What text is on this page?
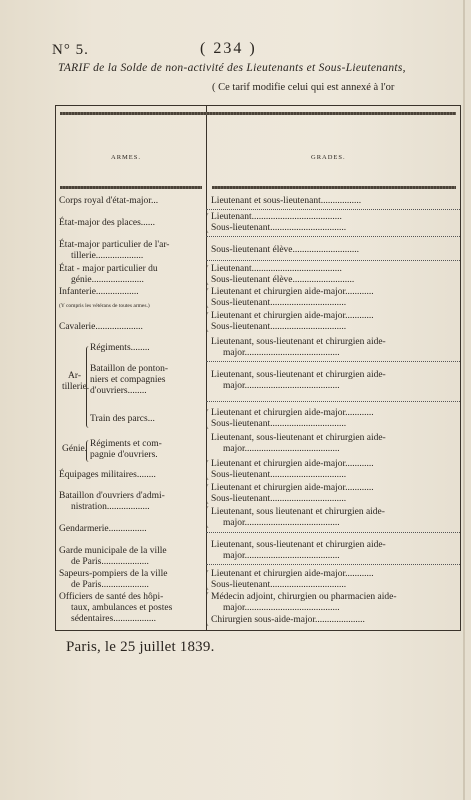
N° 5.	( 234 )
TARIF de la Solde de non-activité des Lieutenants et Sous-Lieutenants,
( Ce tarif modifie celui qui est annexé à l'or
ARMES.	GRADES.
Corps royal d'état-major...
État-major des places......
État-major particulier de l'ar-
tillerie....................
État - major particulier du
génie......................
Infanterie..................
(Y compris les vétérans de toutes armes.)
Cavalerie....................
Régiments........
Bataillon de ponton-
niers et compagnies
d'ouvriers........
Train des parcs...
Ar-
tillerie.
Régiments et com-
pagnie d'ouvriers.
Génie.
Équipages militaires........
Bataillon d'ouvriers d'admi-
nistration..................
Gendarmerie................
Garde municipale de la ville
de Paris....................
Sapeurs-pompiers de la ville
de Paris....................
Officiers de santé des hôpi-
taux, ambulances et postes
sédentaires..................
Lieutenant et sous-lieutenant.................
Lieutenant......................................
Sous-lieutenant................................
Sous-lieutenant élève............................
Lieutenant......................................
Sous-lieutenant élève..........................
Lieutenant et chirurgien aide-major............
Sous-lieutenant................................
Lieutenant et chirurgien aide-major............
Sous-lieutenant................................
Lieutenant, sous-lieutenant et chirurgien aide-
major........................................
Lieutenant, sous-lieutenant et chirurgien aide-
major........................................
Lieutenant et chirurgien aide-major............
Sous-lieutenant................................
Lieutenant, sous-lieutenant et chirurgien aide-
major........................................
Lieutenant et chirurgien aide-major............
Sous-lieutenant................................
Lieutenant et chirurgien aide-major............
Sous-lieutenant................................
Lieutenant, sous lieutenant et chirurgien aide-
major........................................
Lieutenant, sous-lieutenant et chirurgien aide-
major........................................
Lieutenant et chirurgien aide-major............
Sous-lieutenant................................
Médecin adjoint, chirurgien ou pharmacien aide-
major........................................
Chirurgien sous-aide-major.....................
Paris, le 25 juillet 1839.
